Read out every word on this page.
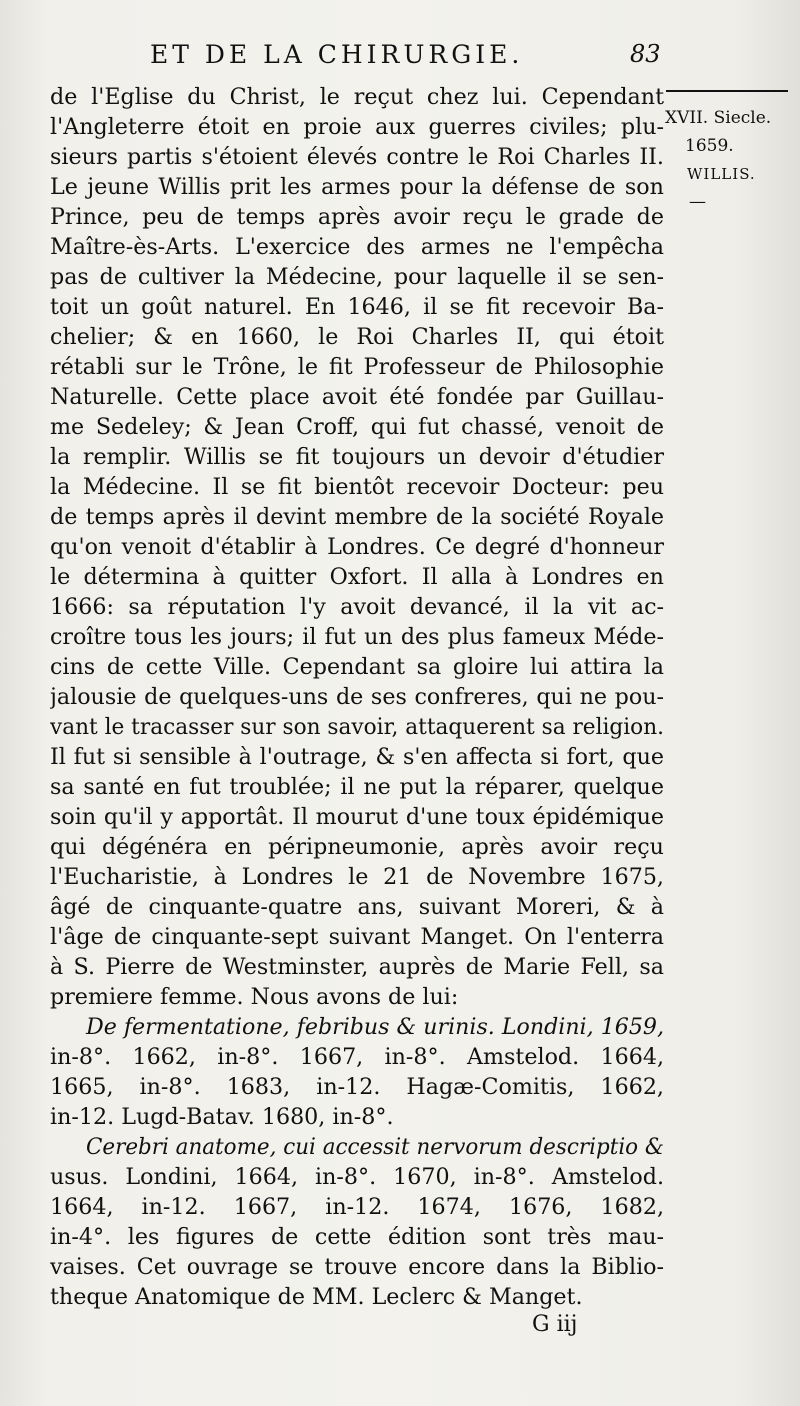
ET DE LA CHIRURGIE.	83
XVII. Siecle.
1659.
WILLIS.
—
de l'Eglise du Christ, le reçut chez lui. Cependant
l'Angleterre étoit en proie aux guerres civiles; plu-
sieurs partis s'étoient élevés contre le Roi Charles II.
Le jeune Willis prit les armes pour la défense de son
Prince, peu de temps après avoir reçu le grade de
Maître-ès-Arts. L'exercice des armes ne l'empêcha
pas de cultiver la Médecine, pour laquelle il se sen-
toit un goût naturel. En 1646, il se fit recevoir Ba-
chelier; & en 1660, le Roi Charles II, qui étoit
rétabli sur le Trône, le fit Professeur de Philosophie
Naturelle. Cette place avoit été fondée par Guillau-
me Sedeley; & Jean Croff, qui fut chassé, venoit de
la remplir. Willis se fit toujours un devoir d'étudier
la Médecine. Il se fit bientôt recevoir Docteur: peu
de temps après il devint membre de la société Royale
qu'on venoit d'établir à Londres. Ce degré d'honneur
le détermina à quitter Oxfort. Il alla à Londres en
1666: sa réputation l'y avoit devancé, il la vit ac-
croître tous les jours; il fut un des plus fameux Méde-
cins de cette Ville. Cependant sa gloire lui attira la
jalousie de quelques-uns de ses confreres, qui ne pou-
vant le tracasser sur son savoir, attaquerent sa religion.
Il fut si sensible à l'outrage, & s'en affecta si fort, que
sa santé en fut troublée; il ne put la réparer, quelque
soin qu'il y apportât. Il mourut d'une toux épidémique
qui dégénéra en péripneumonie, après avoir reçu
l'Eucharistie, à Londres le 21 de Novembre 1675,
âgé de cinquante-quatre ans, suivant Moreri, & à
l'âge de cinquante-sept suivant Manget. On l'enterra
à S. Pierre de Westminster, auprès de Marie Fell, sa
premiere femme. Nous avons de lui:
De fermentatione, febribus & urinis. Londini, 1659,
in-8°. 1662, in-8°. 1667, in-8°. Amstelod. 1664,
1665, in-8°. 1683, in-12. Hagæ-Comitis, 1662,
in-12. Lugd-Batav. 1680, in-8°.
Cerebri anatome, cui accessit nervorum descriptio &
usus. Londini, 1664, in-8°. 1670, in-8°. Amstelod.
1664, in-12. 1667, in-12. 1674, 1676, 1682,
in-4°. les figures de cette édition sont très mau-
vaises. Cet ouvrage se trouve encore dans la Biblio-
theque Anatomique de MM. Leclerc & Manget.
G iij
